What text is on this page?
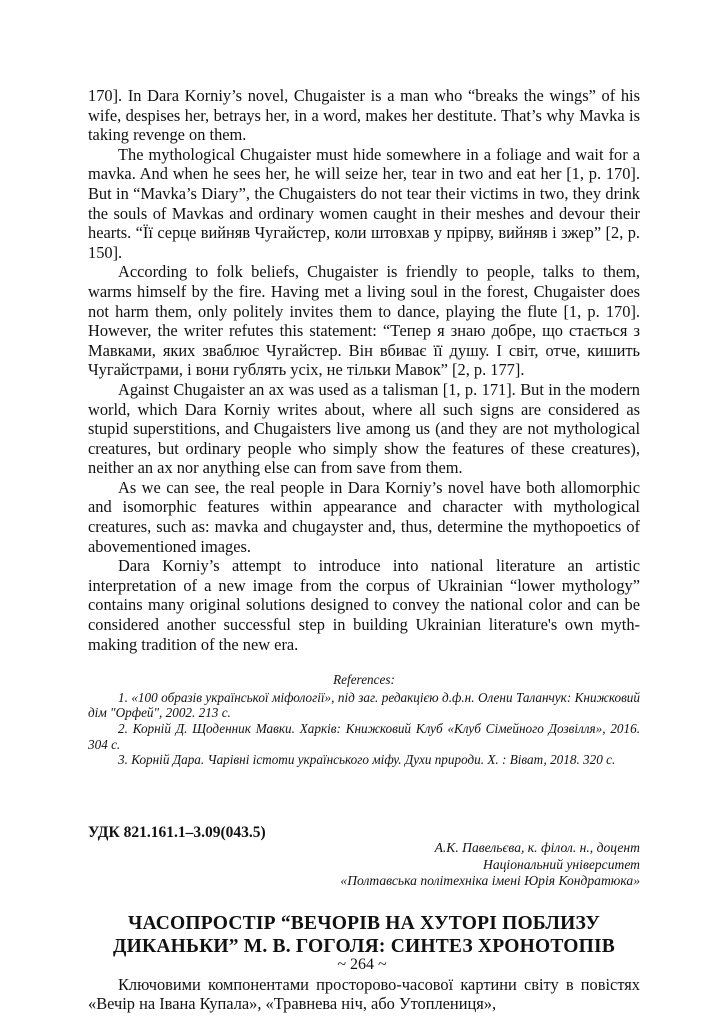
170]. In Dara Korniy’s novel, Chugaister is a man who “breaks the wings” of his wife, despises her, betrays her, in a word, makes her destitute. That’s why Mavka is taking revenge on them.

The mythological Chugaister must hide somewhere in a foliage and wait for a mavka. And when he sees her, he will seize her, tear in two and eat her [1, p. 170]. But in “Mavka’s Diary”, the Chugaisters do not tear their victims in two, they drink the souls of Mavkas and ordinary women caught in their meshes and devour their hearts. “Її серце вийняв Чугайстер, коли штовхав у прірву, вийняв і зжер” [2, p. 150].

According to folk beliefs, Chugaister is friendly to people, talks to them, warms himself by the fire. Having met a living soul in the forest, Chugaister does not harm them, only politely invites them to dance, playing the flute [1, p. 170]. However, the writer refutes this statement: “Тепер я знаю добре, що стається з Мавками, яких зваблює Чугайстер. Він вбиває її душу. І світ, отче, кишить Чугайстрами, і вони гублять усіх, не тільки Мавок” [2, p. 177].

Against Chugaister an ax was used as a talisman [1, p. 171]. But in the modern world, which Dara Korniy writes about, where all such signs are considered as stupid superstitions, and Chugaisters live among us (and they are not mythological creatures, but ordinary people who simply show the features of these creatures), neither an ax nor anything else can from save from them.

As we can see, the real people in Dara Korniy’s novel have both allomorphic and isomorphic features within appearance and character with mythological creatures, such as: mavka and chugayster and, thus, determine the mythopoetics of abovementioned images.

Dara Korniy’s attempt to introduce into national literature an artistic interpretation of a new image from the corpus of Ukrainian “lower mythology” contains many original solutions designed to convey the national color and can be considered another successful step in building Ukrainian literature's own myth-making tradition of the new era.

References:

1. «100 образів української міфології», під заг. редакцією д.ф.н. Олени Таланчук: Книжковий дім "Орфей", 2002. 213 с.

2. Корній Д. Щоденник Мавки. Харків: Книжковий Клуб «Клуб Сімейного Дозвілля», 2016. 304 с.

3. Корній Дара. Чарівні істоти українського міфу. Духи природи. Х. : Віват, 2018. 320 с.

УДК 821.161.1–3.09(043.5)
А.К. Павельєва, к. філол. н., доцент
Національний університет
«Полтавська політехніка імені Юрія Кондратюка»
ЧАСОПРОСТІР “ВЕЧОРІВ НА ХУТОРІ ПОБЛИЗУ
ДИКАНЬКИ” М. В. ГОГОЛЯ: СИНТЕЗ ХРОНОТОПІВ

Ключовими компонентами просторово-часової картини світу в повістях «Вечір на Івана Купала», «Травнева ніч, або Утоплениця»,

~ 264 ~
